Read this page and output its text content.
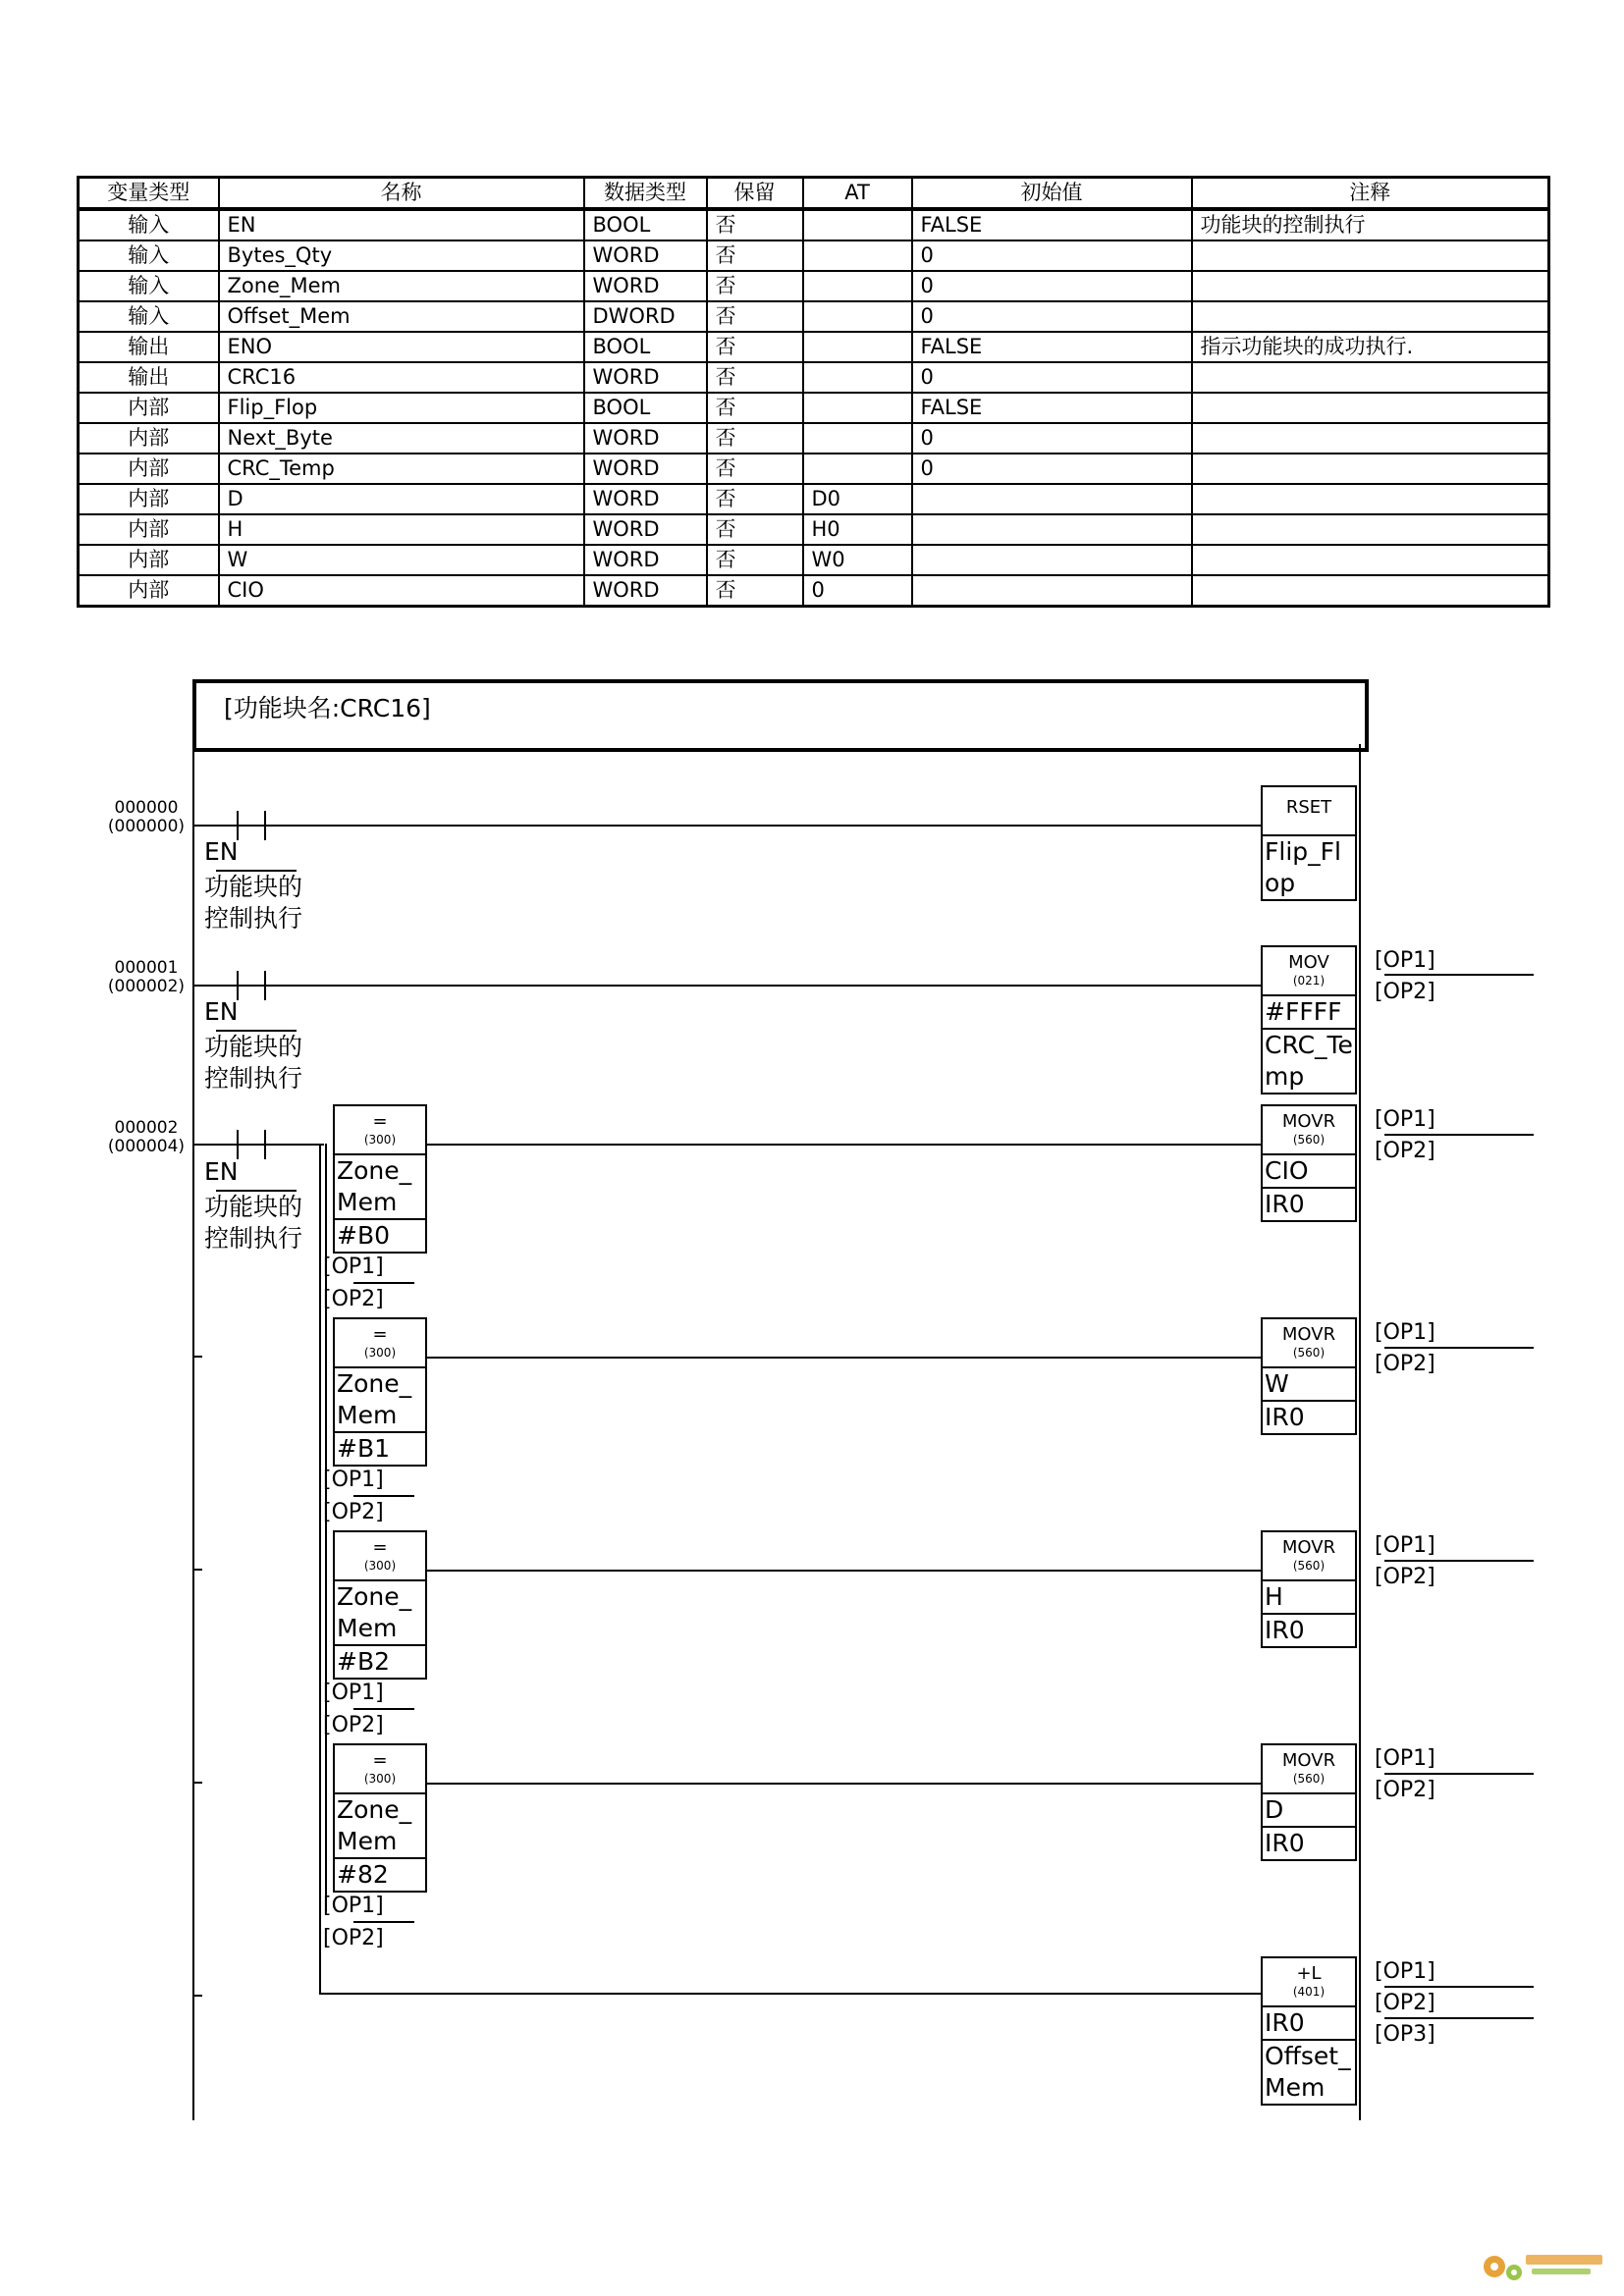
变量类型	名称	数据类型	保留	AT	初始值	注释
输入	EN	BOOL	否		FALSE	功能块的控制执行
输入	Bytes_Qty	WORD	否		0	
输入	Zone_Mem	WORD	否		0	
输入	Offset_Mem	DWORD	否		0	
输出	ENO	BOOL	否		FALSE	指示功能块的成功执行.
输出	CRC16	WORD	否		0	
内部	Flip_Flop	BOOL	否		FALSE	
内部	Next_Byte	WORD	否		0	
内部	CRC_Temp	WORD	否		0	
内部	D	WORD	否	D0		
内部	H	WORD	否	H0		
内部	W	WORD	否	W0		
内部	CIO	WORD	否	0		
[功能块名:CRC16]
000000
(000000)
EN
功能块的
控制执行
RSET
Flip_Flop
000001
(000002)
EN
功能块的
控制执行
MOV
(021)
#FFFF
CRC_Temp
[OP1]
[OP2]
000002
(000004)
EN
功能块的
控制执行
=
(300)
Zone_Mem
#B0
[OP1]
[OP2]
=
(300)
Zone_Mem
#B1
[OP1]
[OP2]
=
(300)
Zone_Mem
#B2
[OP1]
[OP2]
=
(300)
Zone_Mem
#82
[OP1]
[OP2]
MOVR
(560)
CIO
IR0
[OP1]
[OP2]
MOVR
(560)
W
IR0
[OP1]
[OP2]
MOVR
(560)
H
IR0
[OP1]
[OP2]
MOVR
(560)
D
IR0
[OP1]
[OP2]
+L
(401)
IR0
Offset_Mem
[OP1]
[OP2]
[OP3]
